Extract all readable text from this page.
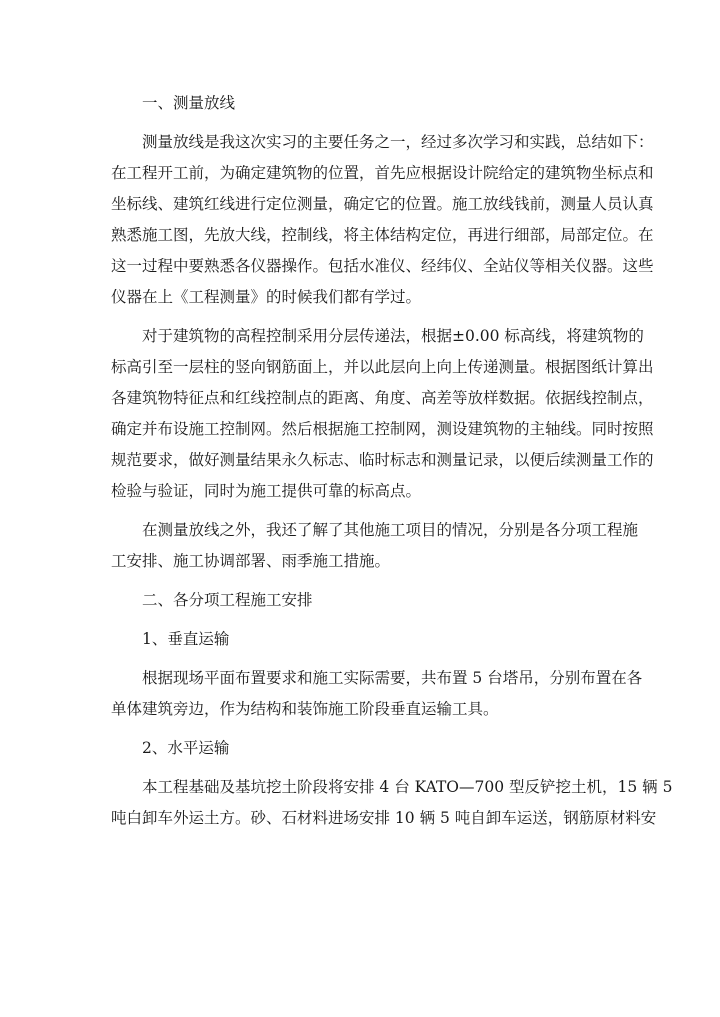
一、测量放线
测量放线是我这次实习的主要任务之一，经过多次学习和实践，总结如下：
在工程开工前，为确定建筑物的位置，首先应根据设计院给定的建筑物坐标点和
坐标线、建筑红线进行定位测量，确定它的位置。施工放线钱前，测量人员认真
熟悉施工图，先放大线，控制线，将主体结构定位，再进行细部，局部定位。在
这一过程中要熟悉各仪器操作。包括水准仪、经纬仪、全站仪等相关仪器。这些
仪器在上《工程测量》的时候我们都有学过。
对于建筑物的高程控制采用分层传递法，根据±0.00 标高线，将建筑物的
标高引至一层柱的竖向钢筋面上，并以此层向上向上传递测量。根据图纸计算出
各建筑物特征点和红线控制点的距离、角度、高差等放样数据。依据线控制点，
确定并布设施工控制网。然后根据施工控制网，测设建筑物的主轴线。同时按照
规范要求，做好测量结果永久标志、临时标志和测量记录，以便后续测量工作的
检验与验证，同时为施工提供可靠的标高点。
在测量放线之外，我还了解了其他施工项目的情况，分别是各分项工程施
工安排、施工协调部署、雨季施工措施。
二、各分项工程施工安排
1、垂直运输
根据现场平面布置要求和施工实际需要，共布置 5 台塔吊，分别布置在各
单体建筑旁边，作为结构和装饰施工阶段垂直运输工具。
2、水平运输
本工程基础及基坑挖土阶段将安排 4 台 KATO—700 型反铲挖土机，15 辆 5
吨白卸车外运土方。砂、石材料进场安排 10 辆 5 吨自卸车运送，钢筋原材料安
